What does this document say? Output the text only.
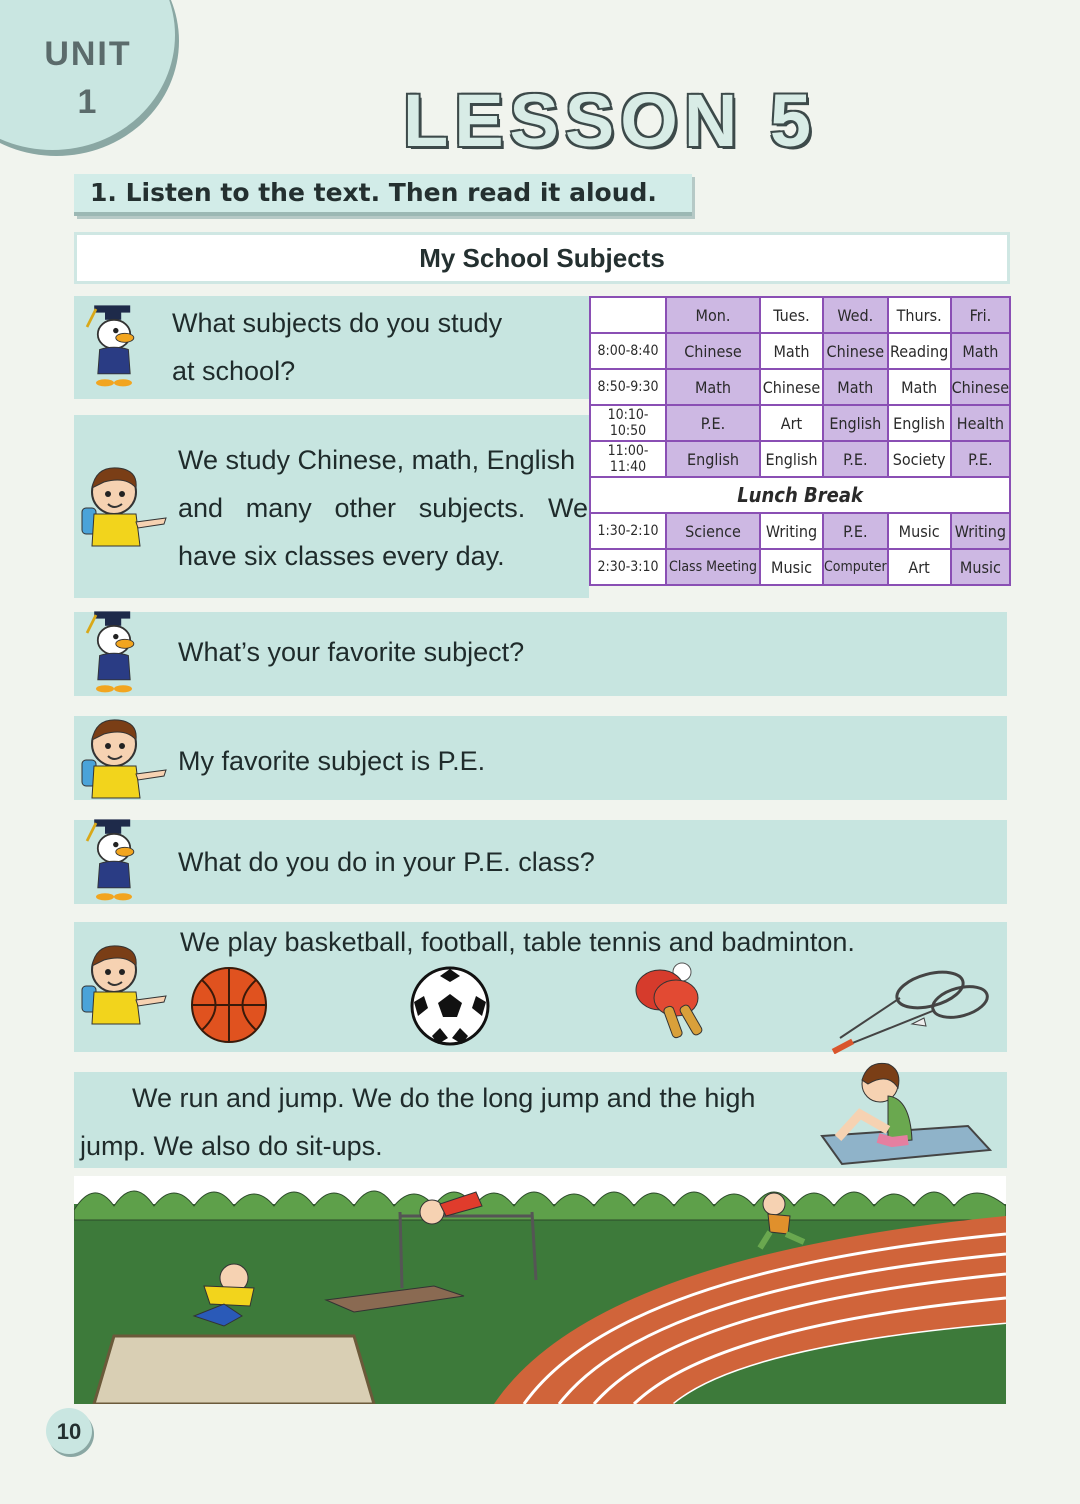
UNIT
1	LESSON 5
1. Listen to the text. Then read it aloud.
My School Subjects
What subjects do you study
at school?
We study Chinese, math, English
and many other subjects. We
have six classes every day.
	Mon.	Tues.	Wed.	Thurs.	Fri.
8:00-8:40	Chinese	Math	Chinese	Reading	Math
8:50-9:30	Math	Chinese	Math	Math	Chinese
10:10-10:50	P.E.	Art	English	English	Health
11:00-11:40	English	English	P.E.	Society	P.E.
Lunch Break					
1:30-2:10	Science	Writing	P.E.	Music	Writing
2:30-3:10	Class Meeting	Music	Computer	Art	Music
What’s your favorite subject?
My favorite subject is P.E.
What do you do in your P.E. class?
We play basketball, football, table tennis and badminton.
We run and jump. We do the long jump and the high
jump. We also do sit-ups.
10
